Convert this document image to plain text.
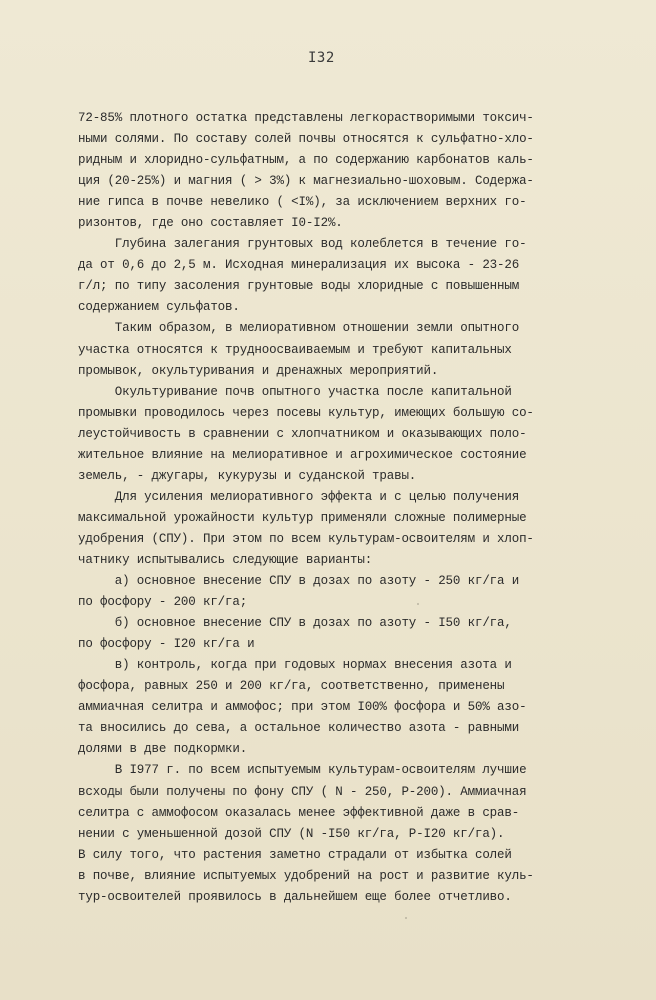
I32
72-85% плотного остатка представлены легкорастворимыми токсич-
ными солями. По составу солей почвы относятся к сульфатно-хло-
ридным и хлоридно-сульфатным, а по содержанию карбонатов каль-
ция (20-25%) и магния ( > 3%) к магнезиально-шоховым. Содержа-
ние гипса в почве невелико ( <I%), за исключением верхних го-
ризонтов, где оно составляет I0-I2%.
Глубина залегания грунтовых вод колеблется в течение го-
да от 0,6 до 2,5 м. Исходная минерализация их высока - 23-26
г/л; по типу засоления грунтовые воды хлоридные с повышенным
содержанием сульфатов.
Таким образом, в мелиоративном отношении земли опытного
участка относятся к трудноосваиваемым и требуют капитальных
промывок, окультуривания и дренажных мероприятий.
Окультуривание почв опытного участка после капитальной
промывки проводилось через посевы культур, имеющих большую со-
леустойчивость в сравнении с хлопчатником и оказывающих поло-
жительное влияние на мелиоративное и агрохимическое состояние
земель, - джугары, кукурузы и суданской травы.
Для усиления мелиоративного эффекта и с целью получения
максимальной урожайности культур применяли сложные полимерные
удобрения (СПУ). При этом по всем культурам-освоителям и хлоп-
чатнику испытывались следующие варианты:
а) основное внесение СПУ в дозах по азоту - 250 кг/га и
по фосфору - 200 кг/га;
б) основное внесение СПУ в дозах по азоту - I50 кг/га,
по фосфору - I20 кг/га и
в) контроль, когда при годовых нормах внесения азота и
фосфора, равных 250 и 200 кг/га, соответственно, применены
аммиачная селитра и аммофос; при этом I00% фосфора и 50% азо-
та вносились до сева, а остальное количество азота - равными
долями в две подкормки.
В I977 г. по всем испытуемым культурам-освоителям лучшие
всходы были получены по фону СПУ ( N - 250, P-200). Аммиачная
селитра с аммофосом оказалась менее эффективной даже в срав-
нении с уменьшенной дозой СПУ (N -I50 кг/га, P-I20 кг/га).
В силу того, что растения заметно страдали от избытка солей
в почве, влияние испытуемых удобрений на рост и развитие куль-
тур-освоителей проявилось в дальнейшем еще более отчетливо.
